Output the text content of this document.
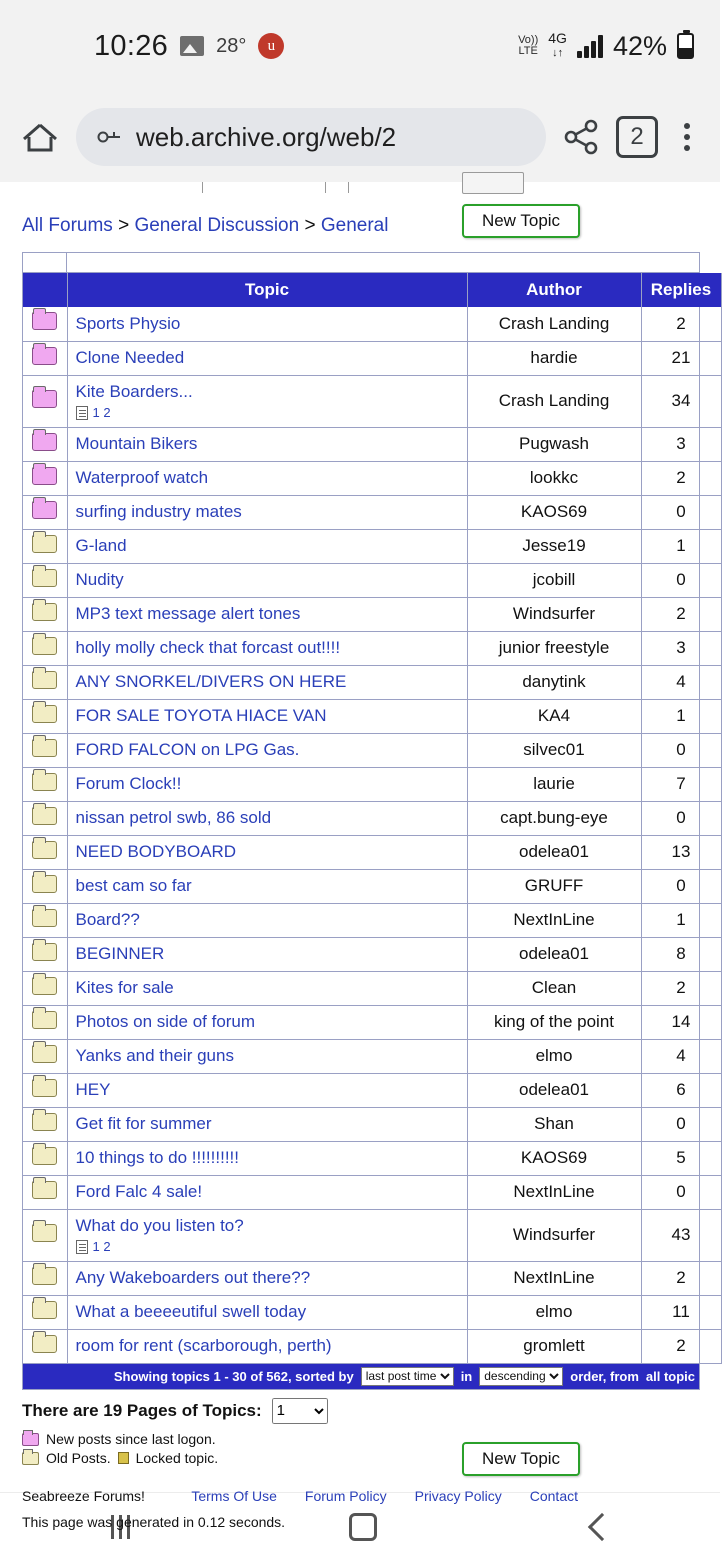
10:26 28°	u	Vo))
LTE
4G
↓↑ 42%
web.archive.org/web/2	2
All Forums > General Discussion > General	New Topic
	Topic	Author	Replies
	Sports Physio	Crash Landing	2
	Clone Needed	hardie	21
	Kite Boarders...
1 2	Crash Landing	34
	Mountain Bikers	Pugwash	3
	Waterproof watch	lookkc	2
	surfing industry mates	KAOS69	0
	G-land	Jesse19	1
	Nudity	jcobill	0
	MP3 text message alert tones	Windsurfer	2
	holly molly check that forcast out!!!!	junior freestyle	3
	ANY SNORKEL/DIVERS ON HERE	danytink	4
	FOR SALE TOYOTA HIACE VAN	KA4	1
	FORD FALCON on LPG Gas.	silvec01	0
	Forum Clock!!	laurie	7
	nissan petrol swb, 86 sold	capt.bung-eye	0
	NEED BODYBOARD	odelea01	13
	best cam so far	GRUFF	0
	Board??	NextInLine	1
	BEGINNER	odelea01	8
	Kites for sale	Clean	2
	Photos on side of forum	king of the point	14
	Yanks and their guns	elmo	4
	HEY	odelea01	6
	Get fit for summer	Shan	0
	10 things to do !!!!!!!!!!	KAOS69	5
	Ford Falc 4 sale!	NextInLine	0
	What do you listen to?
1 2	Windsurfer	43
	Any Wakeboarders out there??	NextInLine	2
	What a beeeeutiful swell today	elmo	11
	room for rent (scarborough, perth)	gromlett	2
Showing topics 1 - 30 of 562, sorted by
last post time	in
descending	order, from all topic
There are 19 Pages of Topics:
1
New posts since last logon.
Old Posts. Locked topic.	New Topic
Seabreeze Forums!	Terms Of Use Forum Policy Privacy Policy Contact
This page was generated in 0.12 seconds.
